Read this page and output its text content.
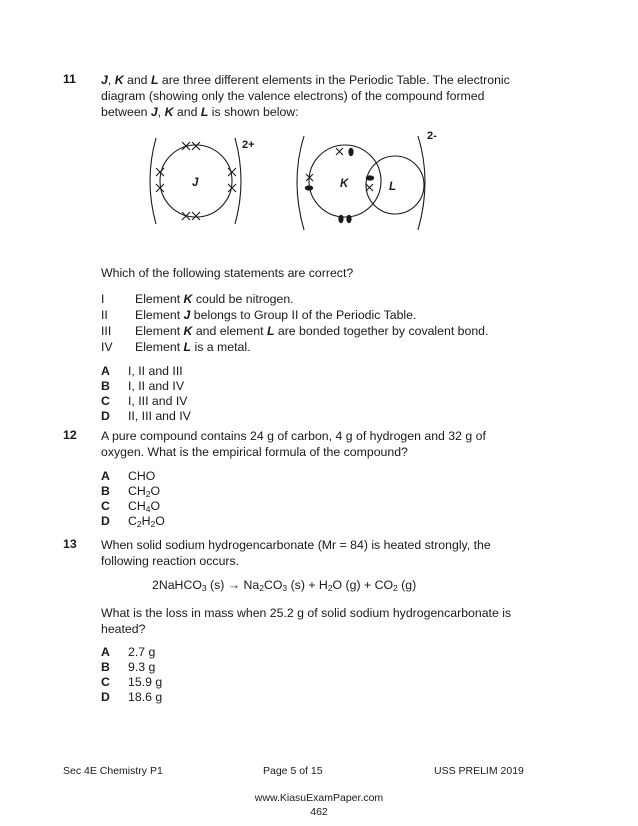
11 J, K and L are three different elements in the Periodic Table. The electronic
diagram (showing only the valence electrons) of the compound formed
between J, K and L is shown below:
J
2+
K	L
2-
Which of the following statements are correct?
I Element K could be nitrogen.
II Element J belongs to Group II of the Periodic Table.
III Element K and element L are bonded together by covalent bond.
IV Element L is a metal.
A I, II and III
B I, II and IV
C I, III and IV
D II, III and IV
12 A pure compound contains 24 g of carbon, 4 g of hydrogen and 32 g of
oxygen. What is the empirical formula of the compound?
A CHO
B $CH_2O$
C $CH_4O$
D $C_2H_2O$
13 When solid sodium hydrogencarbonate (Mr = 84) is heated strongly, the
following reaction occurs.
2NaHCO$_3$ $(s) \to Na_2CO_3$ $(s) + H_2O$ $(g) + CO_2$ (g)
What is the loss in mass when 25.2 g of solid sodium hydrogencarbonate is
heated?
A 2.7 g
B 9.3 g
C 15.9 g
D 18.6 g
Sec 4E Chemistry P1	Page 5 of 15	USS PRELIM 2019
www.KiasuExamPaper.com
462
